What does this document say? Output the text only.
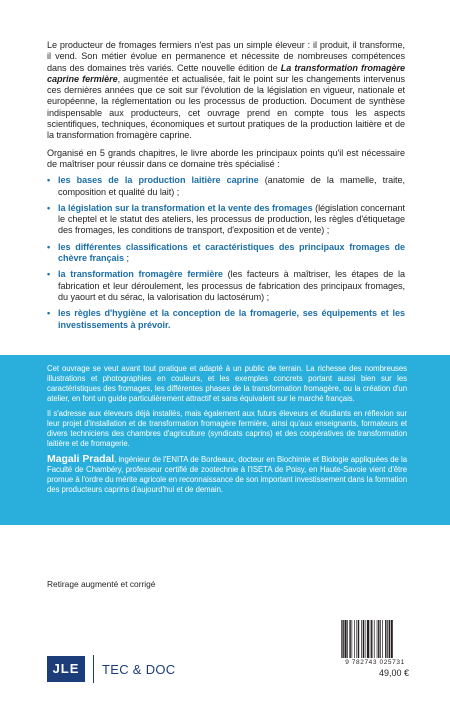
Le producteur de fromages fermiers n'est pas un simple éleveur : il produit, il transforme, il vend. Son métier évolue en permanence et nécessite de nombreuses compétences dans des domaines très variés. Cette nouvelle édition de La transformation fromagère caprine fermière, augmentée et actualisée, fait le point sur les changements intervenus ces dernières années que ce soit sur l'évolution de la législation en vigueur, nationale et européenne, la réglementation ou les processus de production. Document de synthèse indispensable aux producteurs, cet ouvrage prend en compte tous les aspects scientifiques, techniques, économiques et surtout pratiques de la production laitière et de la transformation fromagère caprine.

Organisé en 5 grands chapitres, le livre aborde les principaux points qu'il est nécessaire de maîtriser pour réussir dans ce domaine très spécialisé :

• les bases de la production laitière caprine (anatomie de la mamelle, traite, composition et qualité du lait) ;
• la législation sur la transformation et la vente des fromages (législation concernant le cheptel et le statut des ateliers, les processus de production, les règles d'étiquetage des fromages, les conditions de transport, d'exposition et de vente) ;
• les différentes classifications et caractéristiques des principaux fromages de chèvre français ;
• la transformation fromagère fermière (les facteurs à maîtriser, les étapes de la fabrication et leur déroulement, les processus de fabrication des principaux fromages, du yaourt et du sérac, la valorisation du lactosérum) ;
• les règles d'hygiène et la conception de la fromagerie, ses équipements et les investissements à prévoir.

Cet ouvrage se veut avant tout pratique et adapté à un public de terrain. La richesse des nombreuses illustrations et photographies en couleurs, et les exemples concrets portant aussi bien sur les caractéristiques des fromages, les différentes phases de la transformation fromagère, ou la création d'un atelier, en font un guide particulièrement attractif et sans équivalent sur le marché français.

Il s'adresse aux éleveurs déjà installés, mais également aux futurs éleveurs et étudiants en réflexion sur leur projet d'installation et de transformation fromagère fermière, ainsi qu'aux enseignants, formateurs et divers techniciens des chambres d'agriculture (syndicats caprins) et des coopératives de transformation laitière et de fromagerie.

Magali Pradal, ingénieur de l'ENITA de Bordeaux, docteur en Biochimie et Biologie appliquées de la Faculté de Chambéry, professeur certifié de zootechnie à l'ISETA de Poisy, en Haute-Savoie vient d'être promue à l'ordre du mérite agricole en reconnaissance de son important investissement dans la formation des producteurs caprins d'aujourd'hui et de demain.

Retirage augmenté et corrigé
JLE	TEC & DOC	9 782743 025731
49,00 €
